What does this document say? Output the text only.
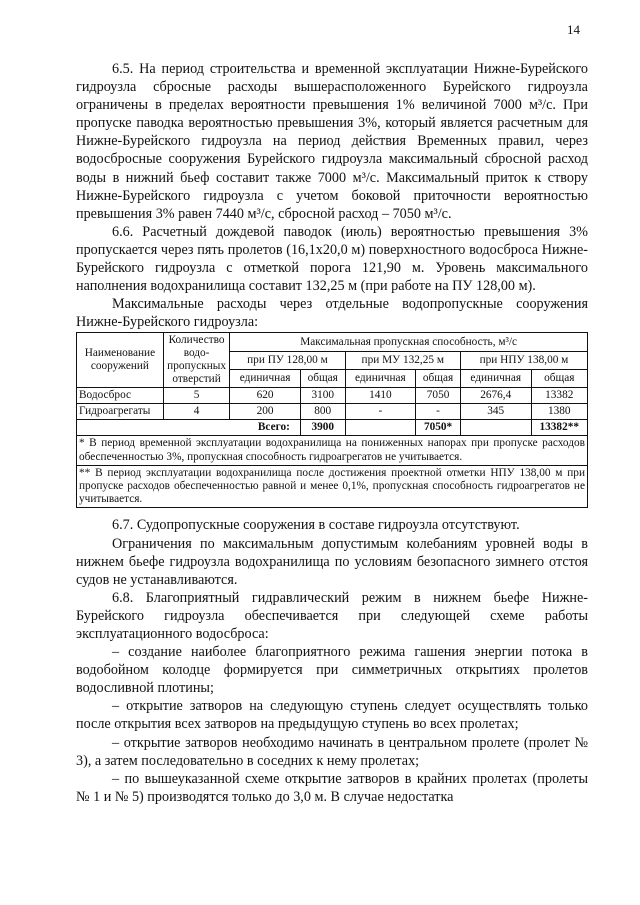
14

6.5. На период строительства и временной эксплуатации Нижне-Бурейского гидроузла сбросные расходы вышерасположенного Бурейского гидроузла ограничены в пределах вероятности превышения 1% величиной 7000 м³/с. При пропуске паводка вероятностью превышения 3%, который является расчетным для Нижне-Бурейского гидроузла на период действия Временных правил, через водосбросные сооружения Бурейского гидроузла максимальный сбросной расход воды в нижний бьеф составит также 7000 м³/с. Максимальный приток к створу Нижне-Бурейского гидроузла с учетом боковой приточности вероятностью превышения 3% равен 7440 м³/с, сбросной расход – 7050 м³/с.

6.6. Расчетный дождевой паводок (июль) вероятностью превышения 3% пропускается через пять пролетов (16,1х20,0 м) поверхностного водосброса Нижне-Бурейского гидроузла с отметкой порога 121,90 м. Уровень максимального наполнения водохранилища составит 132,25 м (при работе на ПУ 128,00 м).

Максимальные расходы через отдельные водопропускные сооружения Нижне-Бурейского гидроузла:

Наименование сооружений	Количество водо-пропускных отверстий	Максимальная пропускная способность, м³/с					
		при ПУ 128,00 м		при МУ 132,25 м		при НПУ 138,00 м	
		единичная	общая	единичная	общая	единичная	общая
Водосброс	5	620	3100	1410	7050	2676,4	13382
Гидроагрегаты	4	200	800	-	-	345	1380
Всего:			3900		7050*		13382**
* В период временной эксплуатации водохранилища на пониженных напорах при пропуске расходов обеспеченностью 3%, пропускная способность гидроагрегатов не учитывается.							
** В период эксплуатации водохранилища после достижения проектной отметки НПУ 138,00 м при пропуске расходов обеспеченностью равной и менее 0,1%, пропускная способность гидроагрегатов не учитывается.							

6.7. Судопропускные сооружения в составе гидроузла отсутствуют.

Ограничения по максимальным допустимым колебаниям уровней воды в нижнем бьефе гидроузла водохранилища по условиям безопасного зимнего отстоя судов не устанавливаются.

6.8. Благоприятный гидравлический режим в нижнем бьефе Нижне-Бурейского гидроузла обеспечивается при следующей схеме работы эксплуатационного водосброса:

– создание наиболее благоприятного режима гашения энергии потока в водобойном колодце формируется при симметричных открытиях пролетов водосливной плотины;

– открытие затворов на следующую ступень следует осуществлять только после открытия всех затворов на предыдущую ступень во всех пролетах;

– открытие затворов необходимо начинать в центральном пролете (пролет № 3), а затем последовательно в соседних к нему пролетах;

– по вышеуказанной схеме открытие затворов в крайних пролетах (пролеты № 1 и № 5) производятся только до 3,0 м. В случае недостатка
